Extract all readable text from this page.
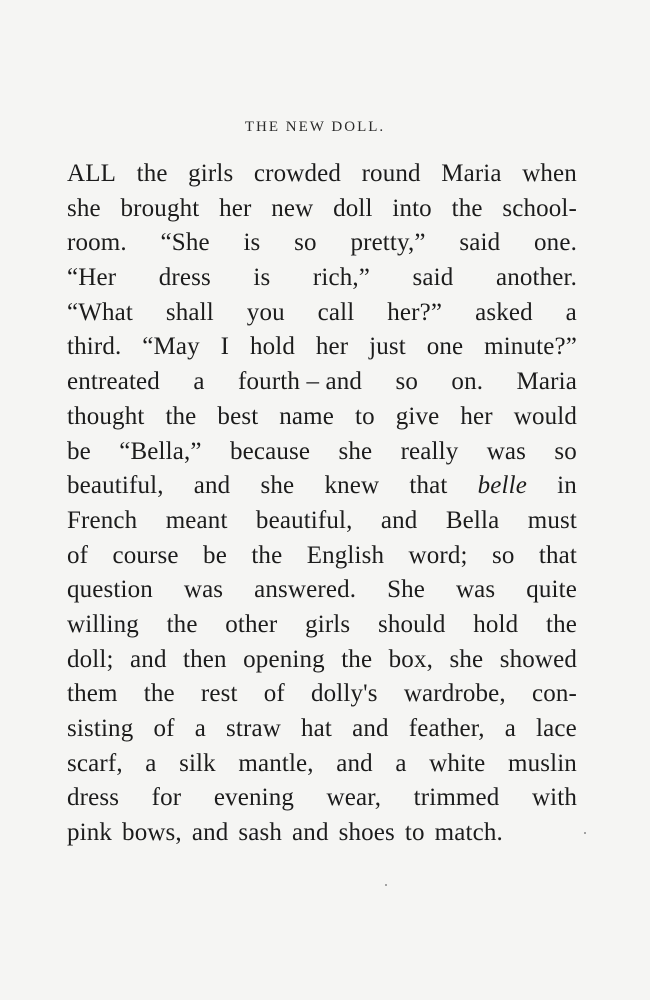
THE NEW DOLL.
ALL the girls crowded round Maria when
she brought her new doll into the school-
room. “She is so pretty,” said one.
“Her dress is rich,” said another.
“What shall you call her?” asked a
third. “May I hold her just one minute?”
entreated a fourth – and so on. Maria
thought the best name to give her would
be “Bella,” because she really was so
beautiful, and she knew that belle in
French meant beautiful, and Bella must
of course be the English word; so that
question was answered. She was quite
willing the other girls should hold the
doll; and then opening the box, she showed
them the rest of dolly's wardrobe, con-
sisting of a straw hat and feather, a lace
scarf, a silk mantle, and a white muslin
dress for evening wear, trimmed with
pink bows, and sash and shoes to match.
